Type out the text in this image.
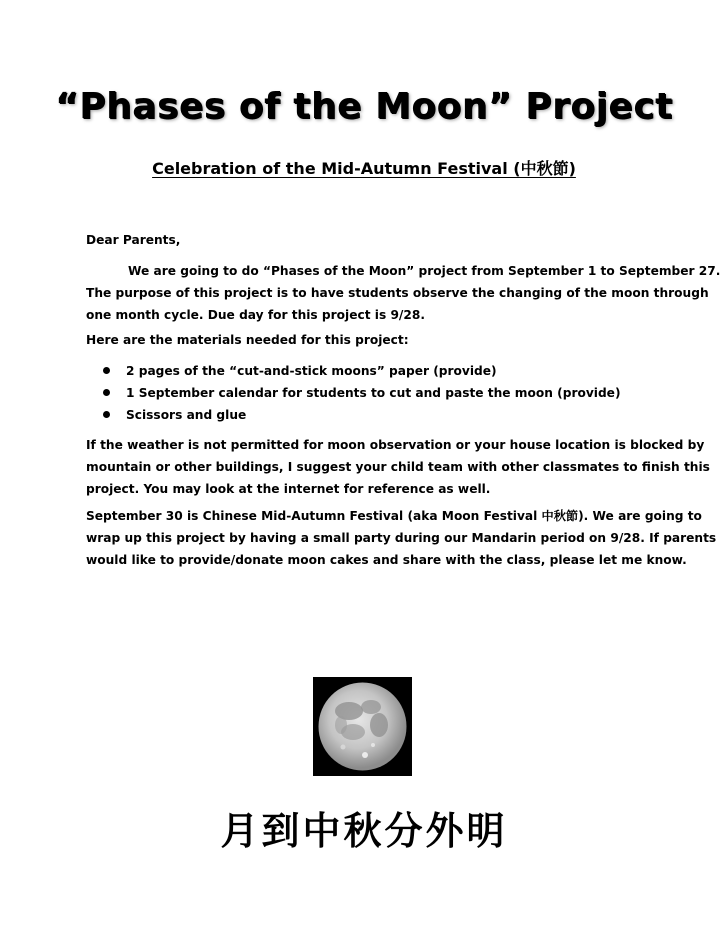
“Phases of the Moon” Project
Celebration of the Mid-Autumn Festival (中秋節)
Dear Parents,
We are going to do “Phases of the Moon” project from September 1 to September 27.
The purpose of this project is to have students observe the changing of the moon through
one month cycle. Due day for this project is 9/28.
Here are the materials needed for this project:
2 pages of the “cut-and-stick moons” paper (provide)
1 September calendar for students to cut and paste the moon (provide)
Scissors and glue
If the weather is not permitted for moon observation or your house location is blocked by
mountain or other buildings, I suggest your child team with other classmates to finish this
project. You may look at the internet for reference as well.
September 30 is Chinese Mid-Autumn Festival (aka Moon Festival 中秋節). We are going to
wrap up this project by having a small party during our Mandarin period on 9/28. If parents
would like to provide/donate moon cakes and share with the class, please let me know.
月到中秋分外明
